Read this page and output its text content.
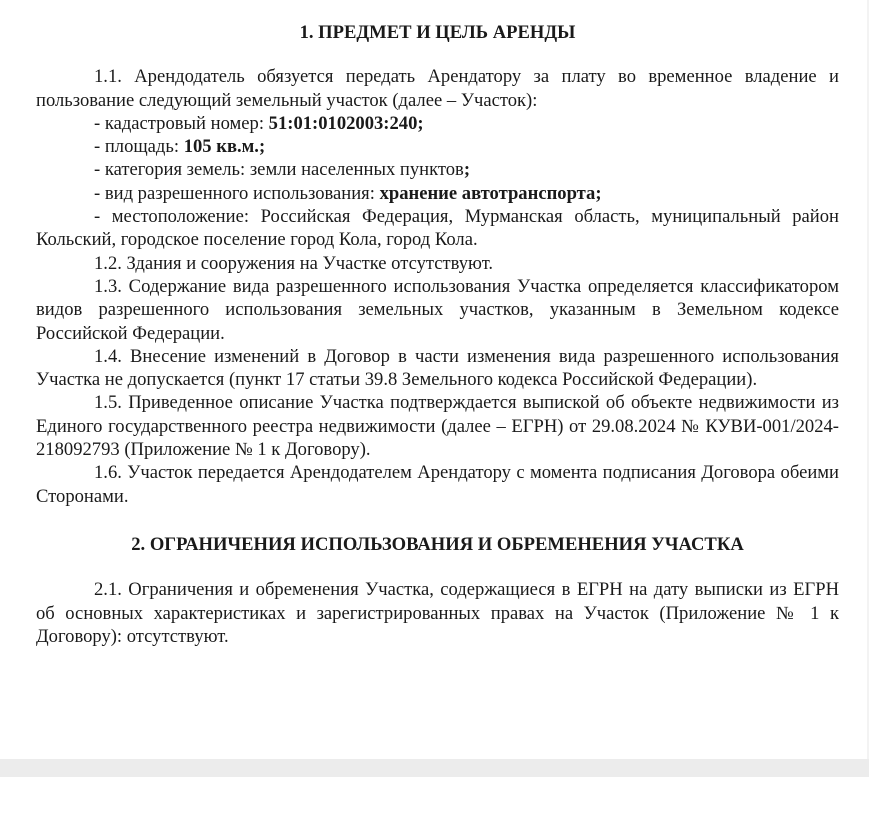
1. ПРЕДМЕТ И ЦЕЛЬ АРЕНДЫ

1.1. Арендодатель обязуется передать Арендатору за плату во временное владение и пользование следующий земельный участок (далее – Участок):

- кадастровый номер: 51:01:0102003:240;

- площадь: 105 кв.м.;

- категория земель: земли населенных пунктов;

- вид разрешенного использования: хранение автотранспорта;

- местоположение: Российская Федерация, Мурманская область, муниципальный район Кольский, городское поселение город Кола, город Кола.

1.2. Здания и сооружения на Участке отсутствуют.

1.3. Содержание вида разрешенного использования Участка определяется классификатором видов разрешенного использования земельных участков, указанным в Земельном кодексе Российской Федерации.

1.4. Внесение изменений в Договор в части изменения вида разрешенного использования Участка не допускается (пункт 17 статьи 39.8 Земельного кодекса Российской Федерации).

1.5. Приведенное описание Участка подтверждается выпиской об объекте недвижимости из Единого государственного реестра недвижимости (далее – ЕГРН) от 29.08.2024 № КУВИ-001/2024-218092793 (Приложение № 1 к Договору).

1.6. Участок передается Арендодателем Арендатору с момента подписания Договора обеими Сторонами.

2. ОГРАНИЧЕНИЯ ИСПОЛЬЗОВАНИЯ И ОБРЕМЕНЕНИЯ УЧАСТКА

2.1. Ограничения и обременения Участка, содержащиеся в ЕГРН на дату выписки из ЕГРН об основных характеристиках и зарегистрированных правах на Участок (Приложение № 1 к Договору): отсутствуют.
